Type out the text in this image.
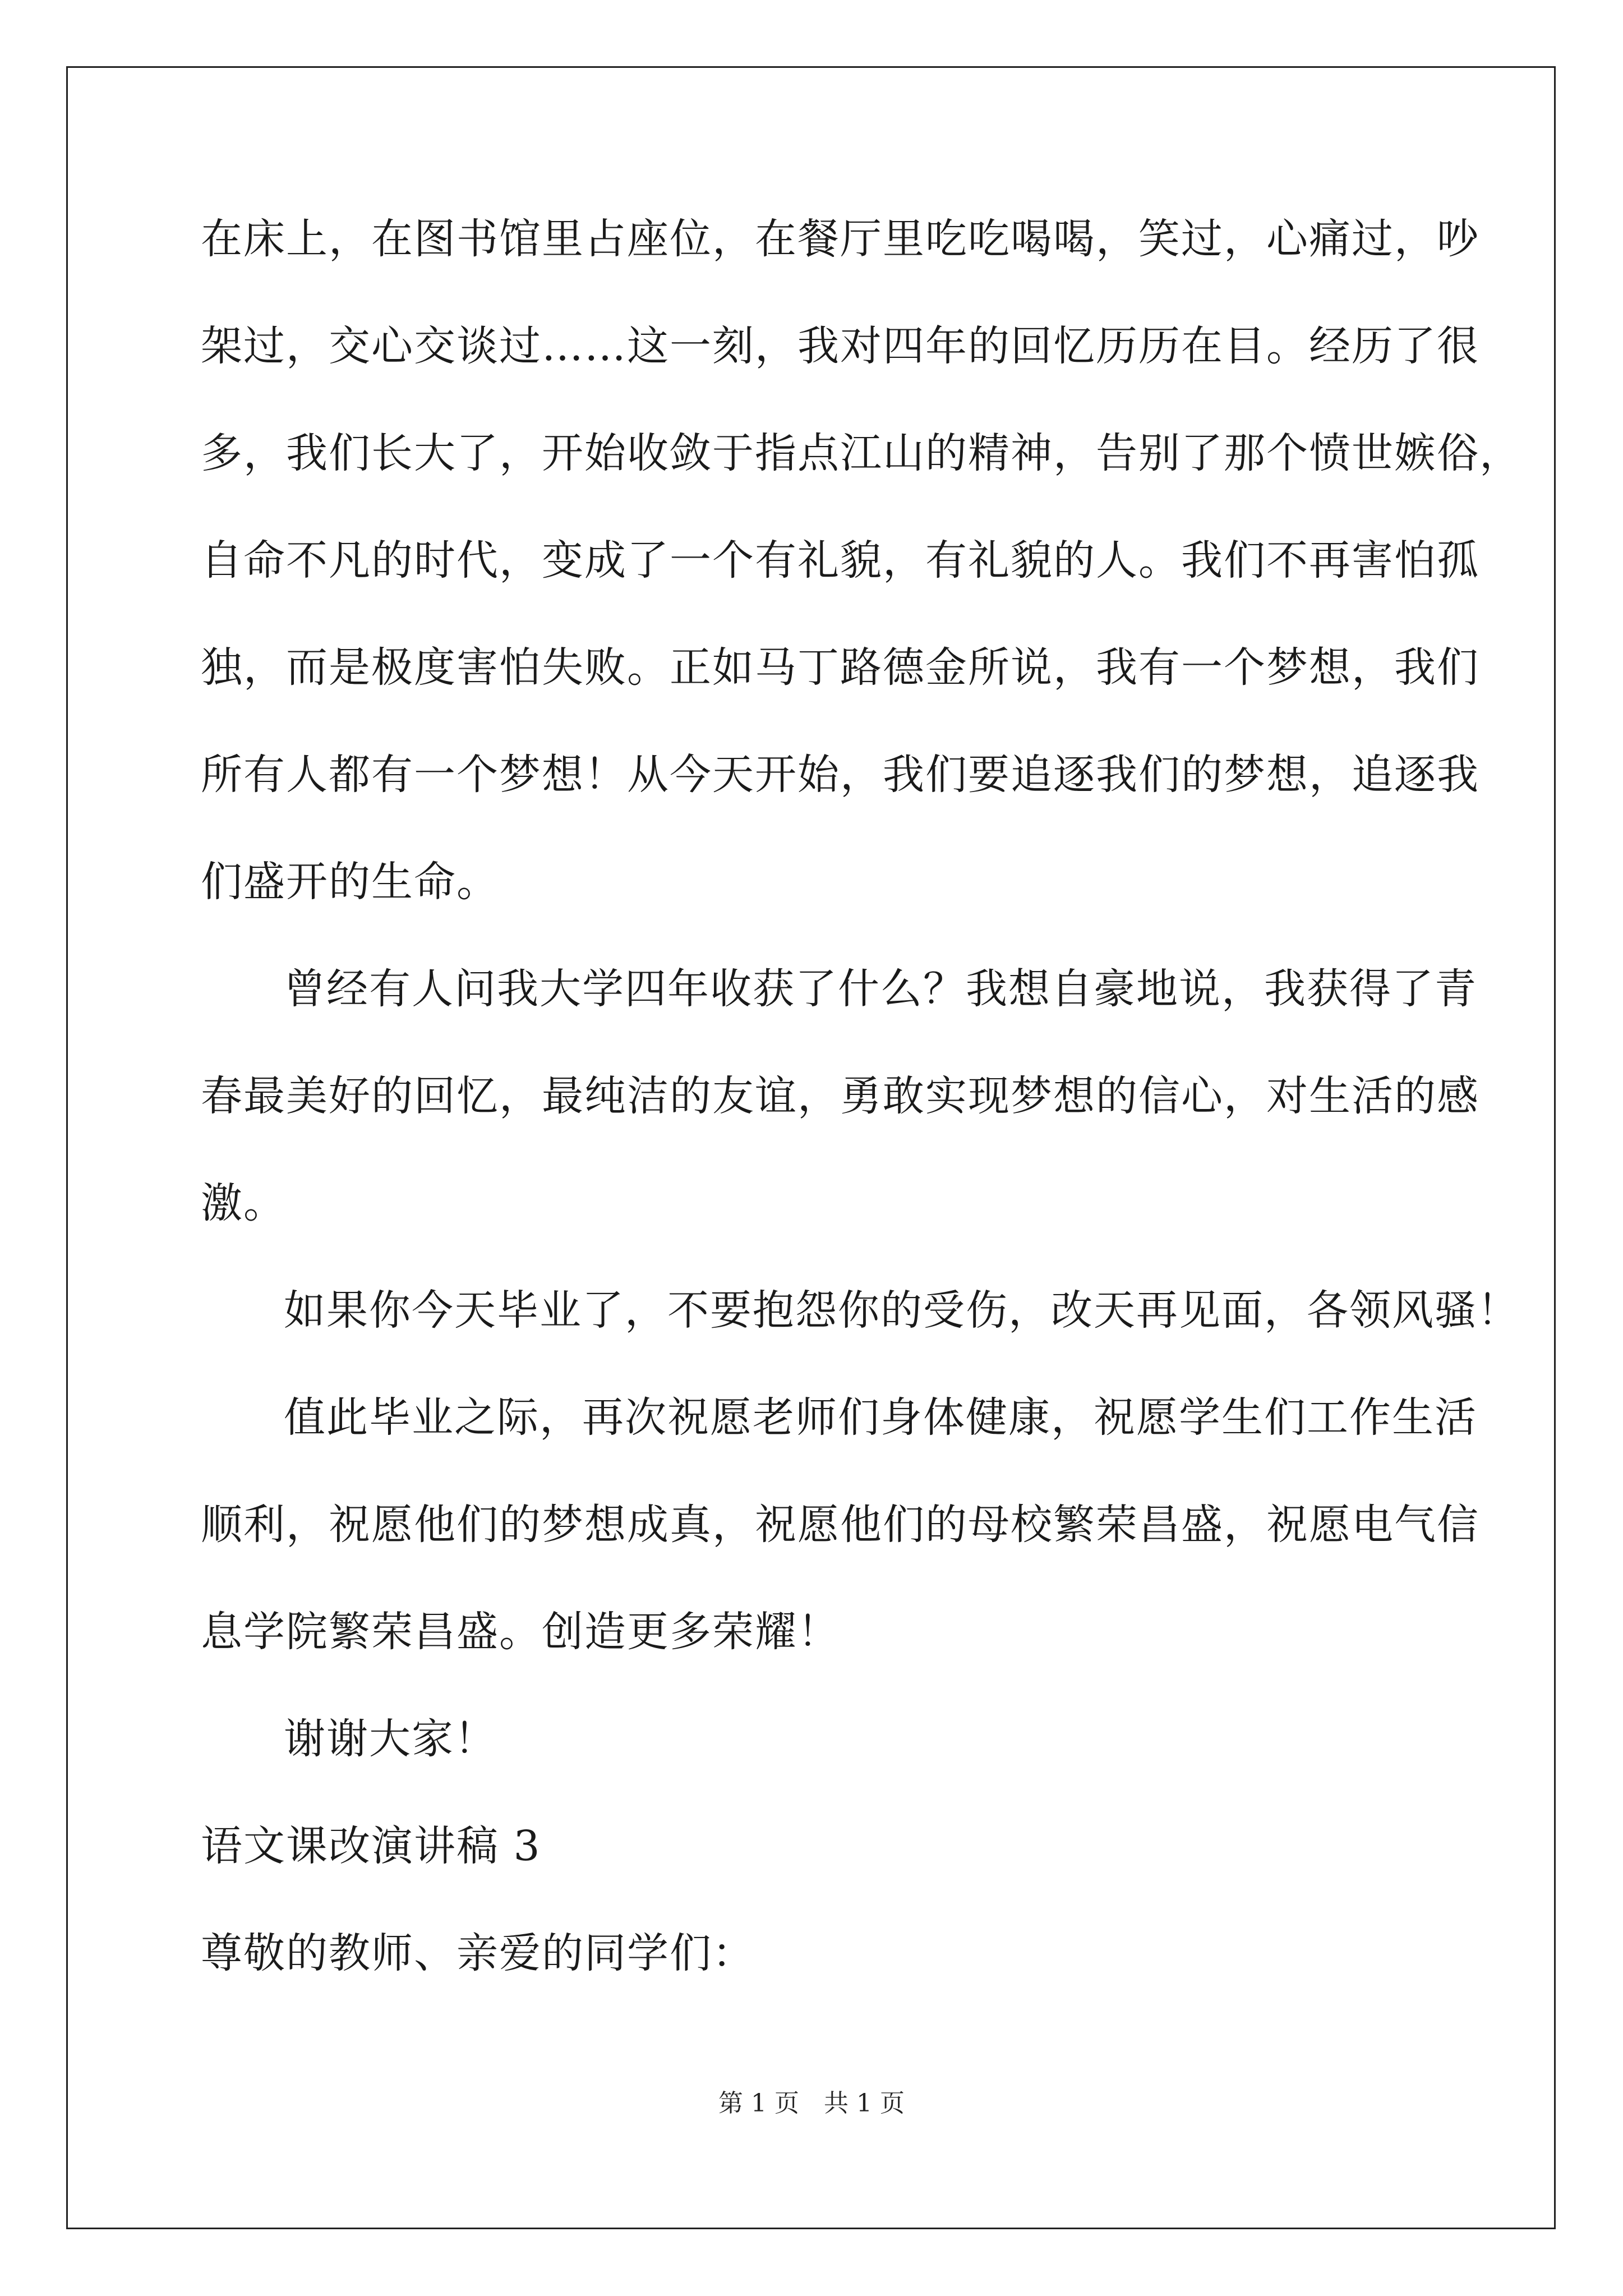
在床上，在图书馆里占座位，在餐厅里吃吃喝喝，笑过，心痛过，吵
架过，交心交谈过……这一刻，我对四年的回忆历历在目。经历了很
多，我们长大了，开始收敛于指点江山的精神，告别了那个愤世嫉俗，
自命不凡的时代，变成了一个有礼貌，有礼貌的人。我们不再害怕孤
独，而是极度害怕失败。正如马丁路德金所说，我有一个梦想，我们
所有人都有一个梦想！从今天开始，我们要追逐我们的梦想，追逐我
们盛开的生命。
曾经有人问我大学四年收获了什么？我想自豪地说，我获得了青
春最美好的回忆，最纯洁的友谊，勇敢实现梦想的信心，对生活的感
激。
如果你今天毕业了，不要抱怨你的受伤，改天再见面，各领风骚！
值此毕业之际，再次祝愿老师们身体健康，祝愿学生们工作生活
顺利，祝愿他们的梦想成真，祝愿他们的母校繁荣昌盛，祝愿电气信
息学院繁荣昌盛。创造更多荣耀！
谢谢大家！
语文课改演讲稿 3
尊敬的教师、亲爱的同学们：
第 1 页　共 1 页
